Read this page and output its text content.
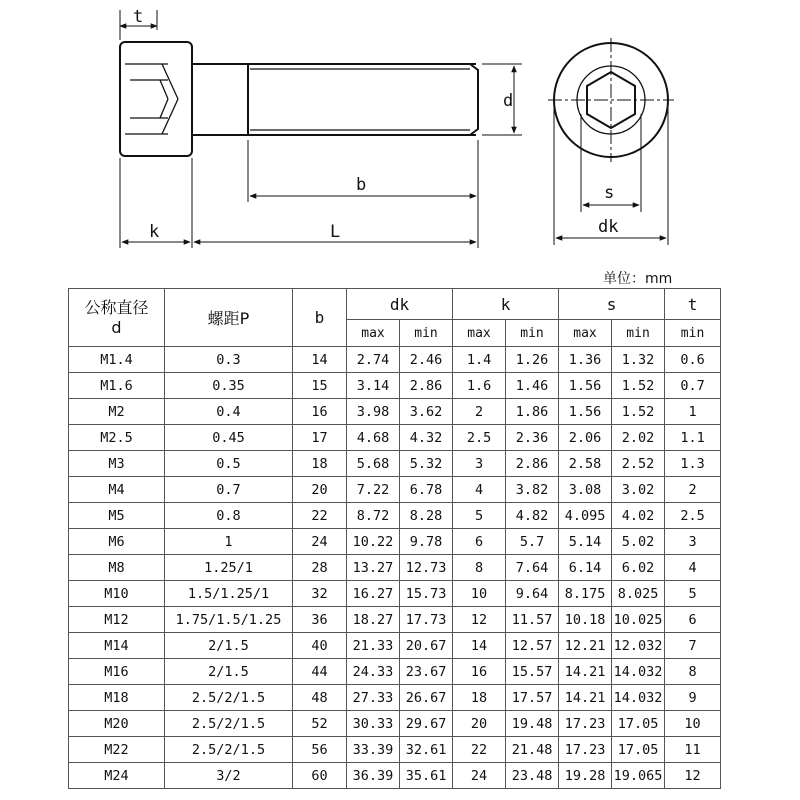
t
d
b
k	L
s
dk
单位：mm
公称直径
d	螺距P	b	dk		k		s		t
			max	min	max	min	max	min	min
M1.4	0.3	14	2.74	2.46	1.4	1.26	1.36	1.32	0.6
M1.6	0.35	15	3.14	2.86	1.6	1.46	1.56	1.52	0.7
M2	0.4	16	3.98	3.62	2	1.86	1.56	1.52	1
M2.5	0.45	17	4.68	4.32	2.5	2.36	2.06	2.02	1.1
M3	0.5	18	5.68	5.32	3	2.86	2.58	2.52	1.3
M4	0.7	20	7.22	6.78	4	3.82	3.08	3.02	2
M5	0.8	22	8.72	8.28	5	4.82	4.095	4.02	2.5
M6	1	24	10.22	9.78	6	5.7	5.14	5.02	3
M8	1.25/1	28	13.27	12.73	8	7.64	6.14	6.02	4
M10	1.5/1.25/1	32	16.27	15.73	10	9.64	8.175	8.025	5
M12	1.75/1.5/1.25	36	18.27	17.73	12	11.57	10.18	10.025	6
M14	2/1.5	40	21.33	20.67	14	12.57	12.21	12.032	7
M16	2/1.5	44	24.33	23.67	16	15.57	14.21	14.032	8
M18	2.5/2/1.5	48	27.33	26.67	18	17.57	14.21	14.032	9
M20	2.5/2/1.5	52	30.33	29.67	20	19.48	17.23	17.05	10
M22	2.5/2/1.5	56	33.39	32.61	22	21.48	17.23	17.05	11
M24	3/2	60	36.39	35.61	24	23.48	19.28	19.065	12
